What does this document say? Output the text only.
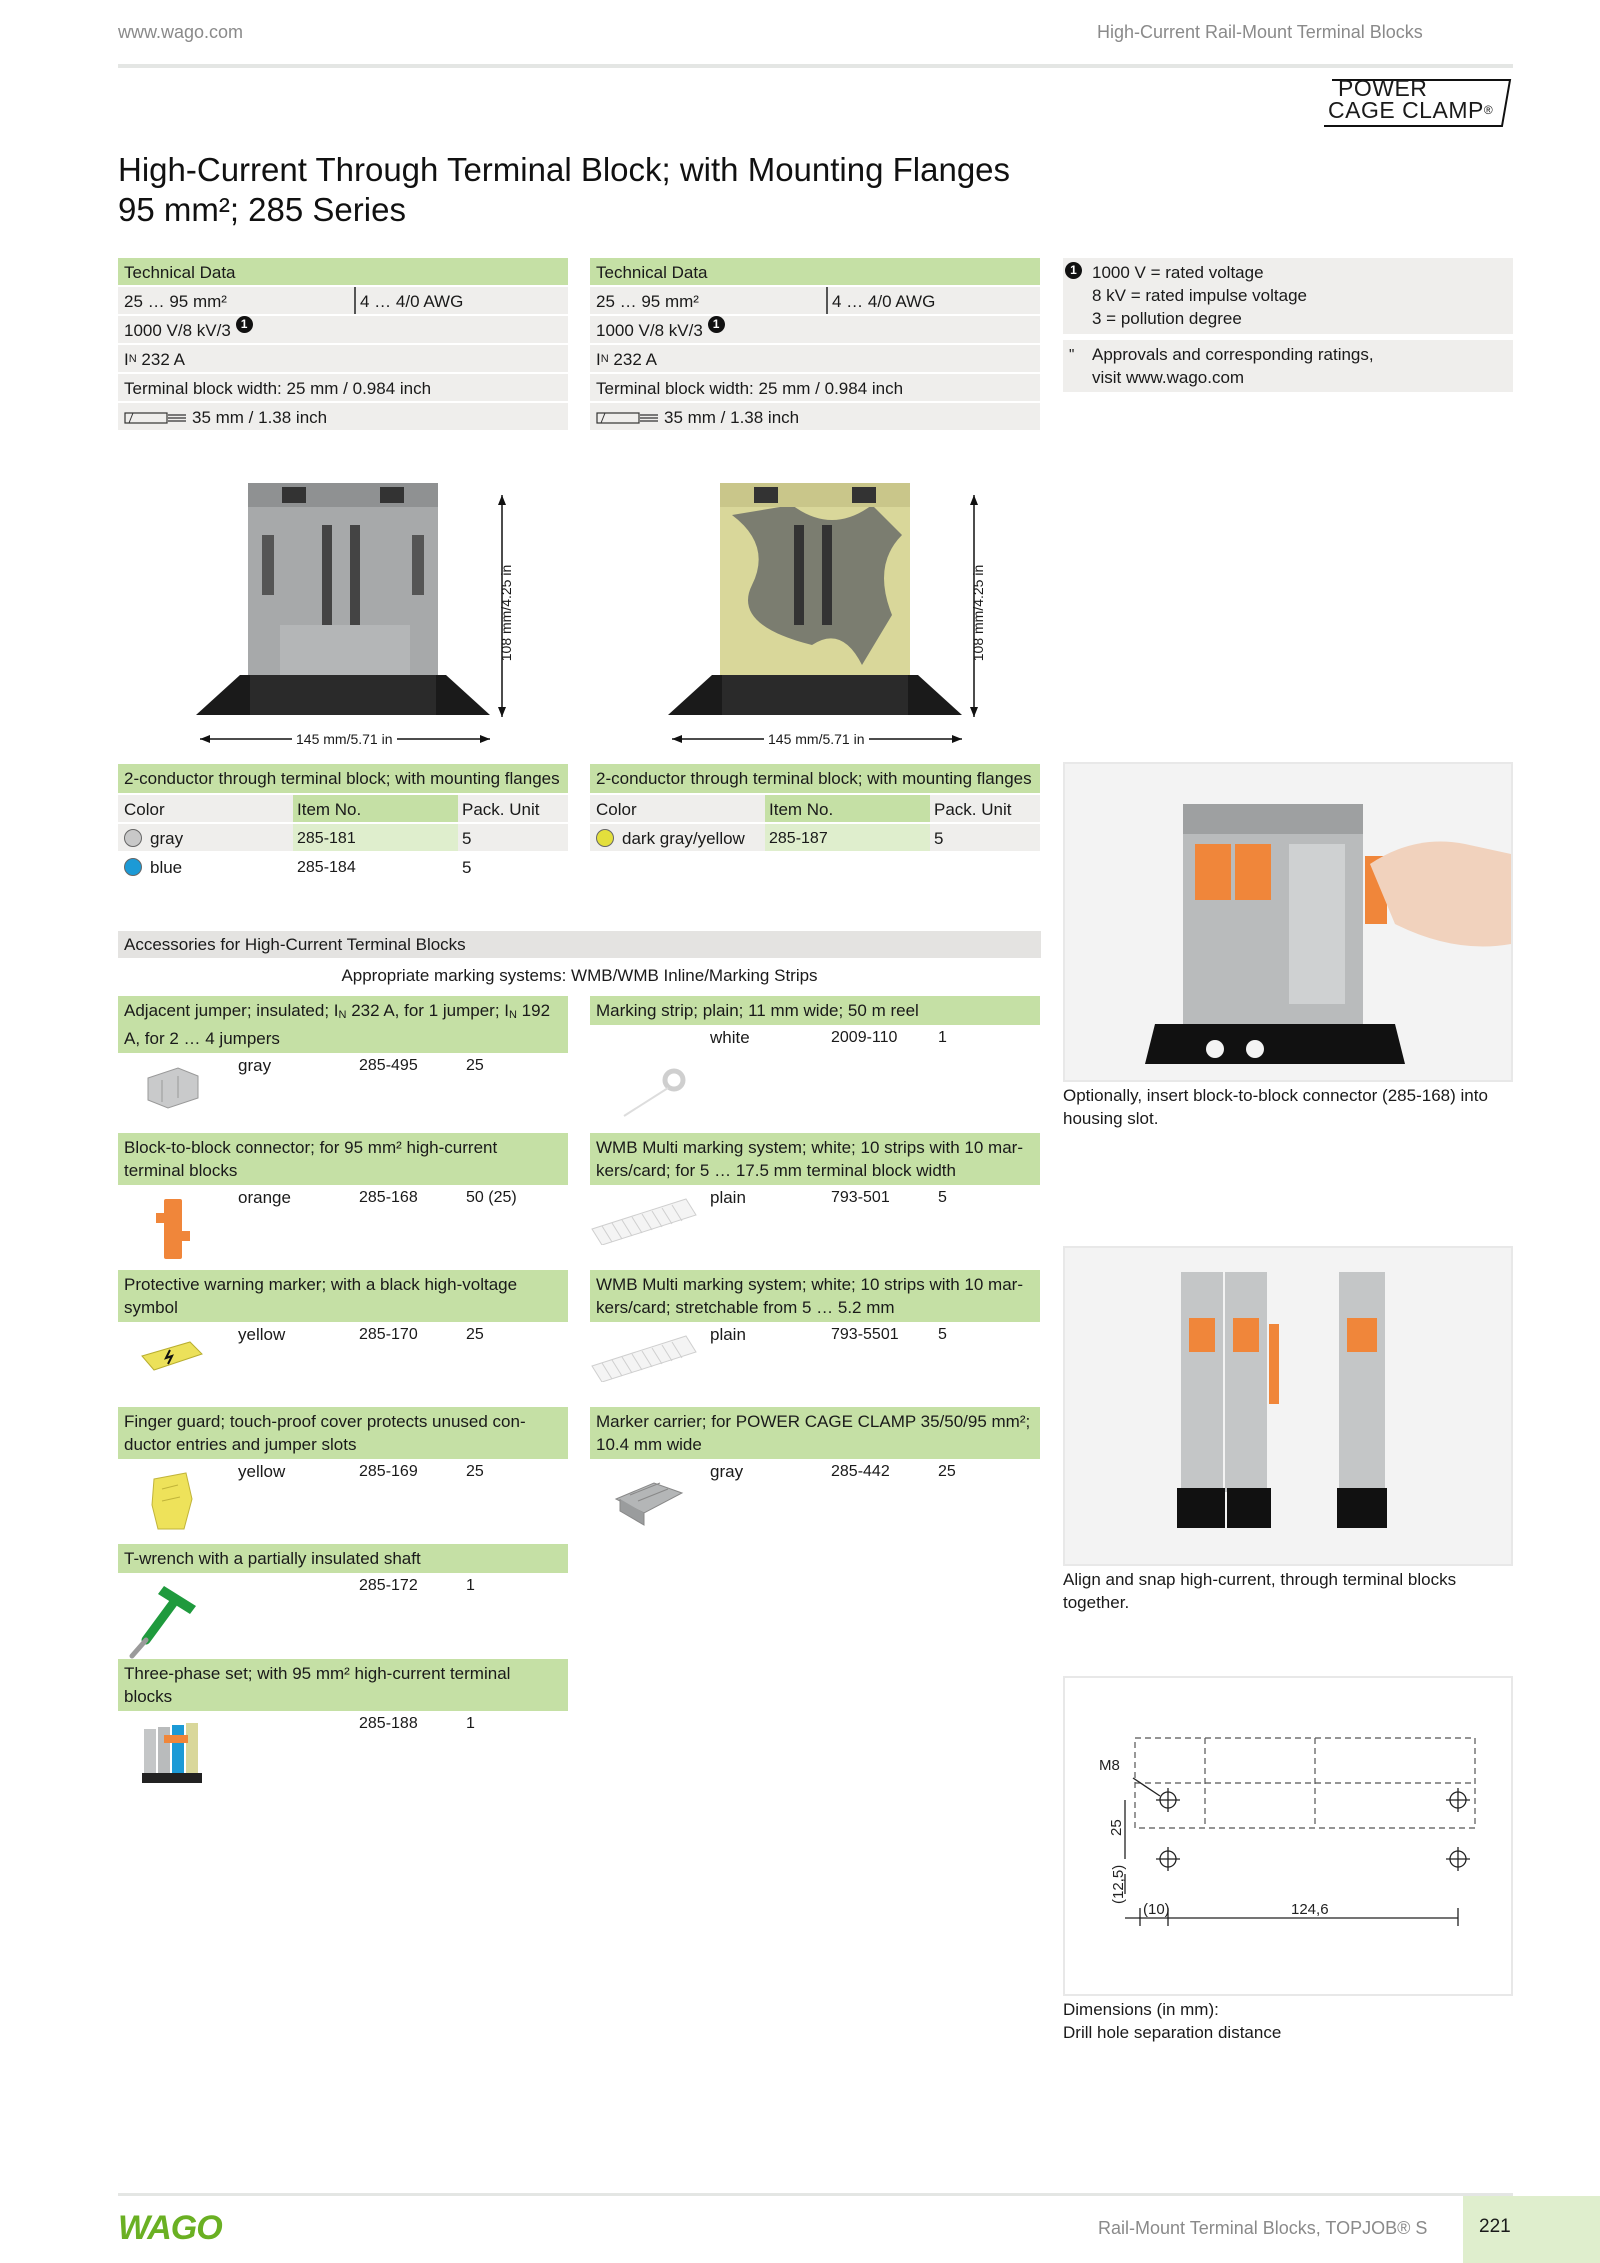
www.wago.com	High-Current Rail-Mount Terminal Blocks
POWER
CAGE CLAMP®
High-Current Through Terminal Block; with Mounting Flanges
95 mm²; 285 Series
Technical Data
25 … 95 mm²	4 … 4/0 AWG
1000 V/8 kV/3
1
I N
232 A
Terminal block width: 25 mm / 0.984 inch
35 mm / 1.38 inch
Technical Data
25 … 95 mm²	4 … 4/0 AWG
1000 V/8 kV/3
1
I N
232 A
Terminal block width: 25 mm / 0.984 inch
35 mm / 1.38 inch
1 1000 V = rated voltage
8 kV = rated impulse voltage
3 = pollution degree
" Approvals and corresponding ratings,
visit www.wago.com
108 mm/4.25 in
145 mm/5.71 in
108 mm/4.25 in
145 mm/5.71 in
2-conductor through terminal block; with mounting flanges
Color	Item No.	Pack. Unit
gray	285-181	5
blue	285-184	5
2-conductor through terminal block; with mounting flanges
Color	Item No.	Pack. Unit
dark gray/yellow	285-187	5
Optionally, insert block-to-block connector (285-168) into housing slot.
Accessories for High-Current Terminal Blocks
Appropriate marking systems: WMB/WMB Inline/Marking Strips
Adjacent jumper; insulated; IN 232 A, for 1 jumper; IN 192 A, for 2 … 4 jumpers
gray	285-495	25
Block-to-block connector; for 95 mm² high-current terminal blocks
orange	285-168	50 (25)
Protective warning marker; with a black high-voltage symbol
yellow	285-170	25
Finger guard; touch-proof cover protects unused con-ductor entries and jumper slots
yellow	285-169	25
T-wrench with a partially insulated shaft
285-172	1
Three-phase set; with 95 mm² high-current terminal blocks
285-188	1
Marking strip; plain; 11 mm wide; 50 m reel
white	2009-110	1
WMB Multi marking system; white; 10 strips with 10 mar-kers/card; for 5 … 17.5 mm terminal block width
plain	793-501	5
WMB Multi marking system; white; 10 strips with 10 mar-kers/card; stretchable from 5 … 5.2 mm
plain	793-5501 5
Marker carrier; for POWER CAGE CLAMP 35/50/95 mm²; 10.4 mm wide
gray	285-442	25
Align and snap high-current, through terminal blocks together.
M8
25
(12,5)
(10)	124,6
Dimensions (in mm):
Drill hole separation distance
WAGO	Rail-Mount Terminal Blocks, TOPJOB® S	221
